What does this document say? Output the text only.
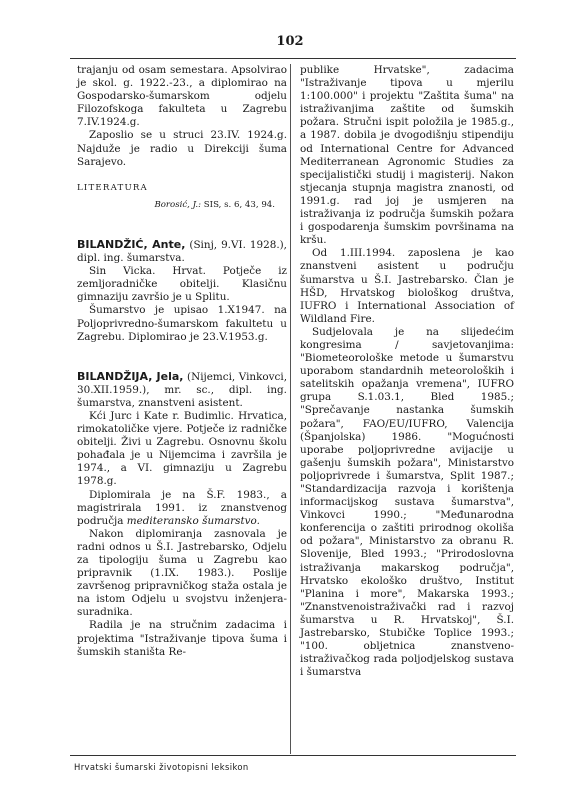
102

trajanju od osam semestara. Apsolvirao je skol. g. 1922.-23., a diplomirao na Gospodarsko-šumarskom odjelu Filozofskoga fakulteta u Zagrebu 7.IV.1924.g.

Zaposlio se u struci 23.IV. 1924.g. Najduže je radio u Direkciji šuma Sarajevo.

LITERATURA

Borosić, J.: SIS, s. 6, 43, 94.

BILANDŽIĆ, Ante, (Sinj, 9.VI. 1928.), dipl. ing. šumarstva.

Sin Vicka. Hrvat. Potječe iz zemljoradničke obitelji. Klasičnu gimnaziju završio je u Splitu.

Šumarstvo je upisao 1.X1947. na Poljoprivredno-šumarskom fakultetu u Zagrebu. Diplomirao je 23.V.1953.g.

BILANDŽIJA, Jela, (Nijemci, Vinkovci, 30.XII.1959.), mr. sc., dipl. ing. šumarstva, znanstveni asistent.

Kći Jurc i Kate r. Budimlic. Hrvatica, rimokatoličke vjere. Potječe iz radničke obitelji. Živi u Zagrebu. Osnovnu školu pohađala je u Nijemcima i završila je 1974., a VI. gimnaziju u Zagrebu 1978.g.

Diplomirala je na Š.F. 1983., a magistrirala 1991. iz znanstvenog područja mediteransko šumarstvo.

Nakon diplomiranja zasnovala je radni odnos u Š.I. Jastrebarsko, Odjelu za tipologiju šuma u Zagrebu kao pripravnik (1.IX. 1983.). Poslije završenog pripravničkog staža ostala je na istom Odjelu u svojstvu inženjera-suradnika.

Radila je na stručnim zadacima i projektima "Istraživanje tipova šuma i šumskih staništa Re-

publike Hrvatske", zadacima "Istraživanje tipova u mjerilu 1:100.000" i projektu "Zaštita šuma" na istraživanjima zaštite od šumskih požara. Stručni ispit položila je 1985.g., a 1987. dobila je dvogodišnju stipendiju od International Centre for Advanced Mediterranean Agronomic Studies za specijalistički studij i magisterij. Nakon stjecanja stupnja magistra znanosti, od 1991.g. rad joj je usmjeren na istraživanja iz područja šumskih požara i gospodarenja šumskim površinama na kršu.

Od 1.III.1994. zaposlena je kao znanstveni asistent u području šumarstva u Š.I. Jastrebarsko. Član je HŠD, Hrvatskog biološkog društva, IUFRO i International Association of Wildland Fire.

Sudjelovala je na slijedećim kongresima / savjetovanjima: "Biometeorološke metode u šumarstvu uporabom standardnih meteoroloških i satelitskih opažanja vremena", IUFRO grupa S.1.03.1, Bled 1985.; "Sprečavanje nastanka šumskih požara", FAO/EU/IUFRO, Valencija (Španjolska) 1986. "Mogućnosti uporabe poljoprivredne avijacije u gašenju šumskih požara", Ministarstvo poljoprivrede i šumarstva, Split 1987.; "Standardizacija razvoja i korištenja informacijskog sustava šumarstva", Vinkovci 1990.; "Međunarodna konferencija o zaštiti prirodnog okoliša od požara", Ministarstvo za obranu R. Slovenije, Bled 1993.; "Prirodoslovna istraživanja makarskog područja", Hrvatsko ekološko društvo, Institut "Planina i more", Makarska 1993.; "Znanstvenoistraživački rad i razvoj šumarstva u R. Hrvatskoj", Š.I. Jastrebarsko, Stubičke Toplice 1993.; "100. obljetnica znanstveno-istraživačkog rada poljodjelskog sustava i šumarstva

Hrvatski šumarski životopisni leksikon
